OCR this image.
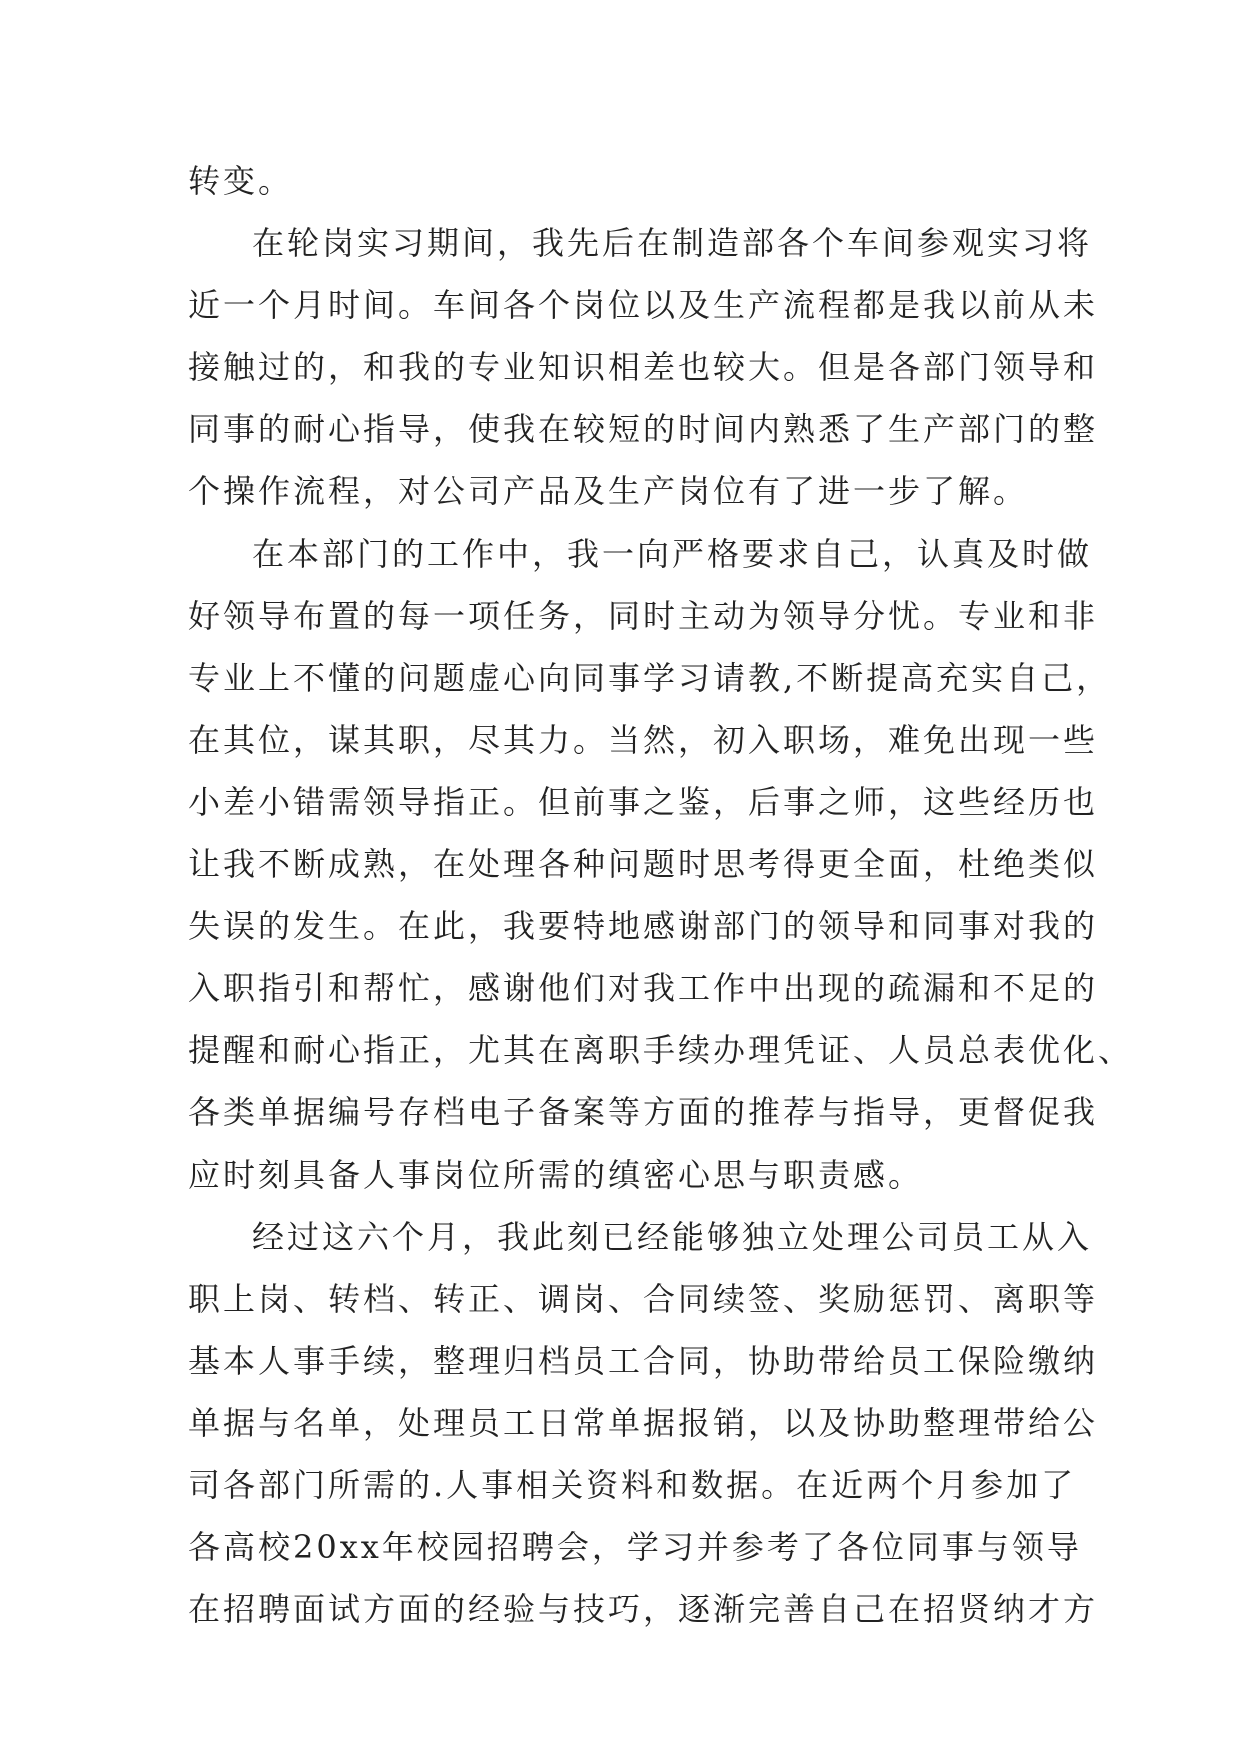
转变。
在轮岗实习期间，我先后在制造部各个车间参观实习将
近一个月时间。车间各个岗位以及生产流程都是我以前从未
接触过的，和我的专业知识相差也较大。但是各部门领导和
同事的耐心指导，使我在较短的时间内熟悉了生产部门的整
个操作流程，对公司产品及生产岗位有了进一步了解。
在本部门的工作中，我一向严格要求自己，认真及时做
好领导布置的每一项任务，同时主动为领导分忧。专业和非
专业上不懂的问题虚心向同事学习请教,不断提高充实自己，
在其位，谋其职，尽其力。当然，初入职场，难免出现一些
小差小错需领导指正。但前事之鉴，后事之师，这些经历也
让我不断成熟，在处理各种问题时思考得更全面，杜绝类似
失误的发生。在此，我要特地感谢部门的领导和同事对我的
入职指引和帮忙，感谢他们对我工作中出现的疏漏和不足的
提醒和耐心指正，尤其在离职手续办理凭证、人员总表优化、
各类单据编号存档电子备案等方面的推荐与指导，更督促我
应时刻具备人事岗位所需的缜密心思与职责感。
经过这六个月，我此刻已经能够独立处理公司员工从入
职上岗、转档、转正、调岗、合同续签、奖励惩罚、离职等
基本人事手续，整理归档员工合同，协助带给员工保险缴纳
单据与名单，处理员工日常单据报销，以及协助整理带给公
司各部门所需的.人事相关资料和数据。在近两个月参加了
各高校20xx年校园招聘会，学习并参考了各位同事与领导
在招聘面试方面的经验与技巧，逐渐完善自己在招贤纳才方
